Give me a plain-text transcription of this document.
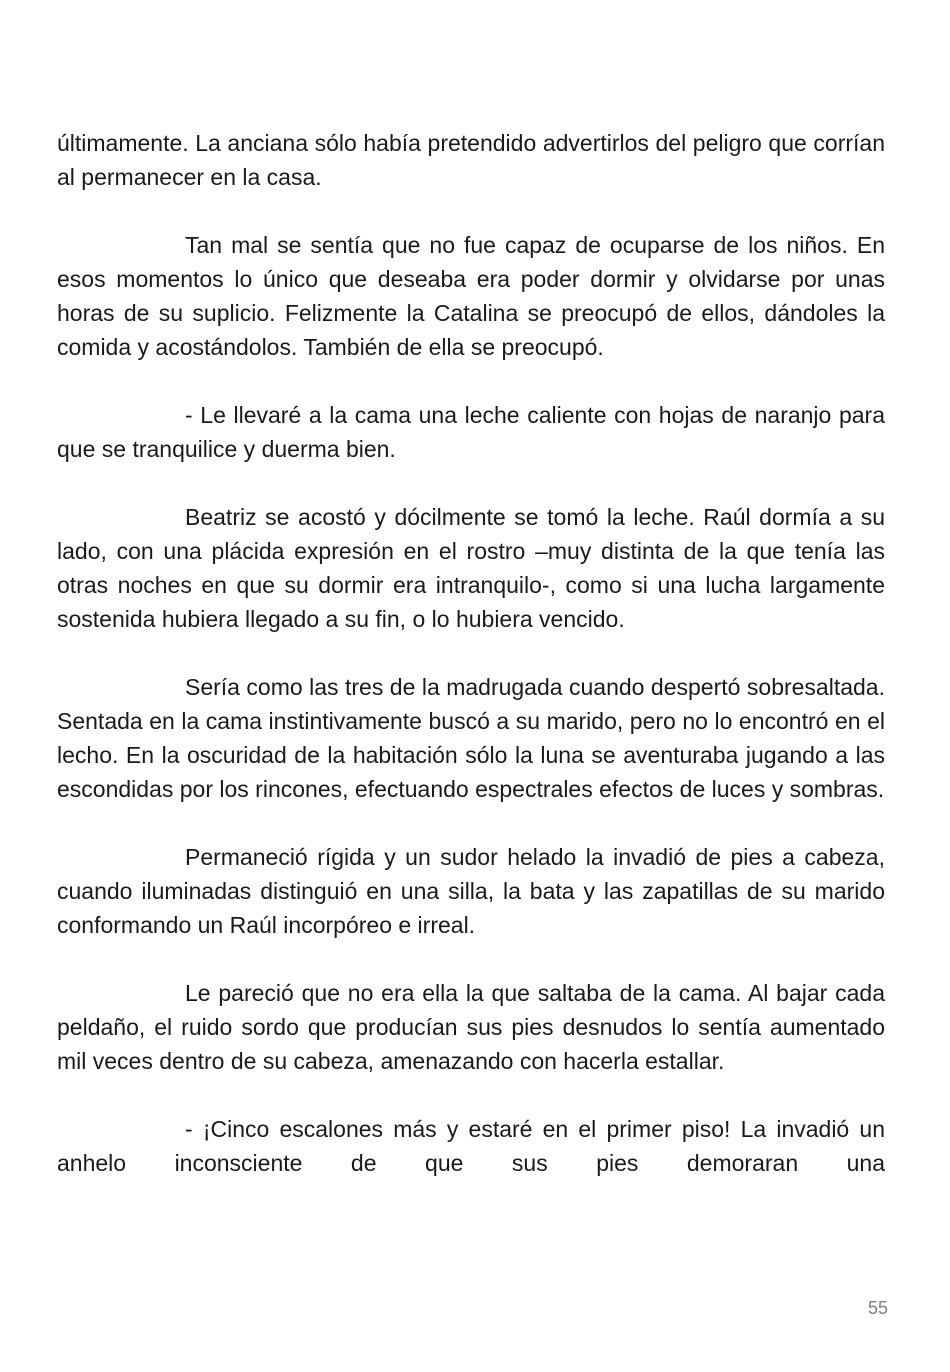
últimamente. La anciana sólo había pretendido advertirlos del peligro que corrían al permanecer en la casa.

Tan mal se sentía que no fue capaz de ocuparse de los niños. En esos momentos lo único que deseaba era poder dormir y olvidarse por unas horas de su suplicio. Felizmente la Catalina se preocupó de ellos, dándoles la comida y acostándolos. También de ella se preocupó.

- Le llevaré a la cama una leche caliente con hojas de naranjo para que se tranquilice y duerma bien.

Beatriz se acostó y dócilmente se tomó la leche. Raúl dormía a su lado, con una plácida expresión en el rostro –muy distinta de la que tenía las otras noches en que su dormir era intranquilo-, como si una lucha largamente sostenida hubiera llegado a su fin, o lo hubiera vencido.

Sería como las tres de la madrugada cuando despertó sobresaltada. Sentada en la cama instintivamente buscó a su marido, pero no lo encontró en el lecho. En la oscuridad de la habitación sólo la luna se aventuraba jugando a las escondidas por los rincones, efectuando espectrales efectos de luces y sombras.

Permaneció rígida y un sudor helado la invadió de pies a cabeza, cuando iluminadas distinguió en una silla, la bata y las zapatillas de su marido conformando un Raúl incorpóreo e irreal.

Le pareció que no era ella la que saltaba de la cama. Al bajar cada peldaño, el ruido sordo que producían sus pies desnudos lo sentía aumentado mil veces dentro de su cabeza, amenazando con hacerla estallar.

- ¡Cinco escalones más y estaré en el primer piso! La invadió un anhelo inconsciente de que sus pies demoraran una

55
